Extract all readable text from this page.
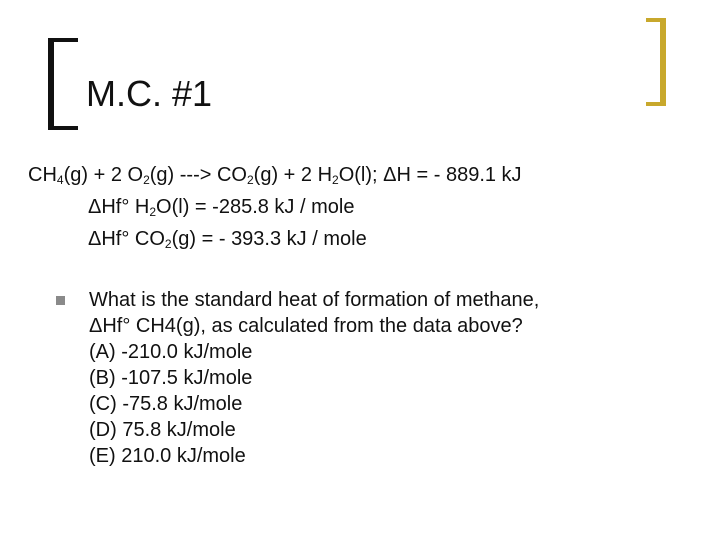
M.C. #1
CH4(g) + 2 O2(g) ---> CO2(g) + 2 H2O(l); ΔH = - 889.1 kJ
ΔHf° H2O(l) = -285.8 kJ / mole
ΔHf° CO2(g) = - 393.3 kJ / mole
What is the standard heat of formation of methane,
ΔHf° CH4(g), as calculated from the data above?
(A) -210.0 kJ/mole
(B) -107.5 kJ/mole
(C) -75.8 kJ/mole
(D) 75.8 kJ/mole
(E) 210.0 kJ/mole
